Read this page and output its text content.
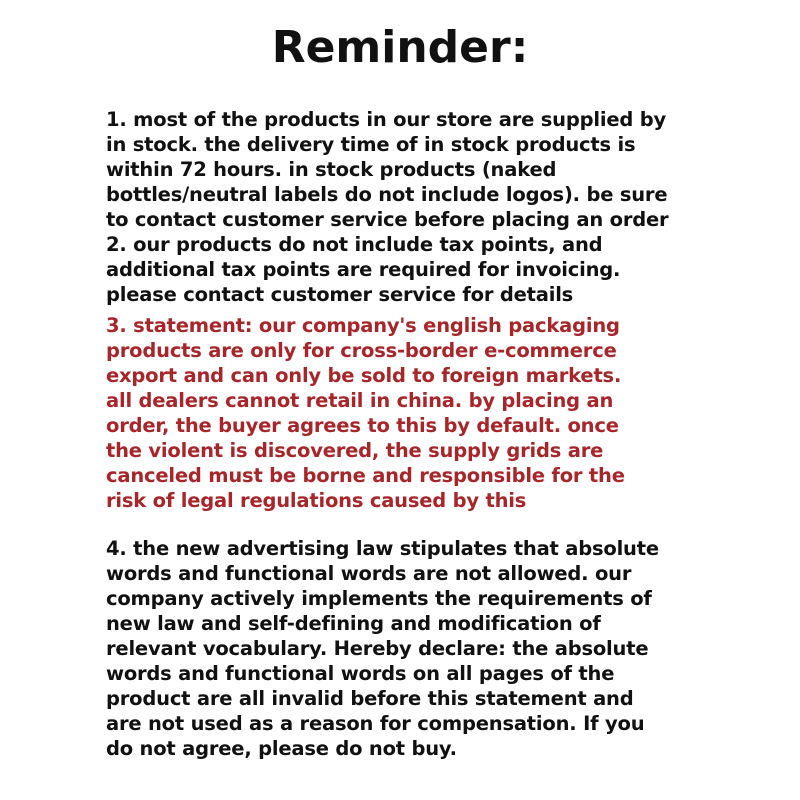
Reminder:
1. most of the products in our store are supplied by
in stock. the delivery time of in stock products is
within 72 hours. in stock products (naked
bottles/neutral labels do not include logos). be sure
to contact customer service before placing an order
2. our products do not include tax points, and
additional tax points are required for invoicing.
please contact customer service for details
3. statement: our company's english packaging
products are only for cross-border e-commerce
export and can only be sold to foreign markets.
all dealers cannot retail in china. by placing an
order, the buyer agrees to this by default. once
the violent is discovered, the supply grids are
canceled must be borne and responsible for the
risk of legal regulations caused by this
4. the new advertising law stipulates that absolute
words and functional words are not allowed. our
company actively implements the requirements of
new law and self-defining and modification of
relevant vocabulary. Hereby declare: the absolute
words and functional words on all pages of the
product are all invalid before this statement and
are not used as a reason for compensation. If you
do not agree, please do not buy.
